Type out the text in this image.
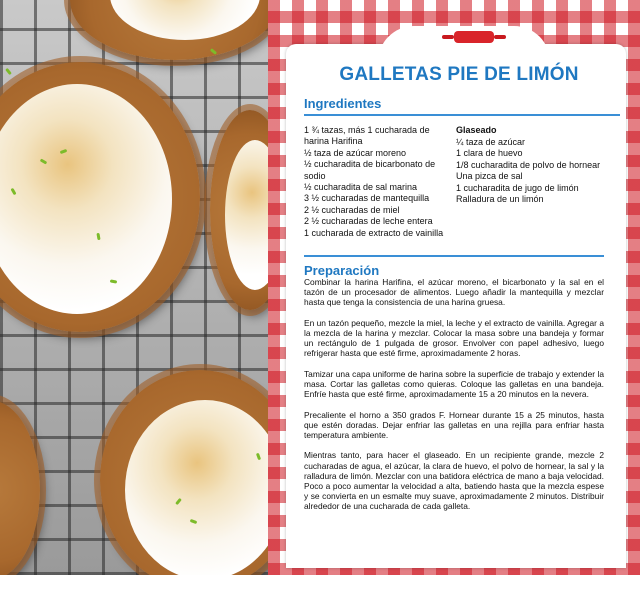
GALLETAS PIE DE LIMÓN
Ingredientes
1 ¾ tazas, más 1 cucharada de harina Harifina
½ taza de azúcar moreno
½ cucharadita de bicarbonato de sodio
½ cucharadita de sal marina
3 ½ cucharadas de mantequilla
2 ½ cucharadas de miel
2 ½ cucharadas de leche entera
1 cucharada de extracto de vainilla

Glaseado

¼ taza de azúcar
1 clara de huevo
1/8 cucharadita de polvo de hornear
Una pizca de sal
1 cucharadita de jugo de limón
Ralladura de un limón
Preparación

Combinar la harina Harifina, el azúcar moreno, el bicarbonato y la sal en el tazón de un procesador de alimentos. Luego añadir la mantequilla y mezclar hasta que tenga la consistencia de una harina gruesa.

En un tazón pequeño, mezcle la miel, la leche y el extracto de vainilla. Agregar a la mezcla de la harina y mezclar. Colocar la masa sobre una bandeja y formar un rectángulo de 1 pulgada de grosor. Envolver con papel adhesivo, luego refrigerar hasta que esté firme, aproximadamente 2 horas.

Tamizar una capa uniforme de harina sobre la superficie de trabajo y extender la masa. Cortar las galletas como quieras. Coloque las galletas en una bandeja. Enfríe hasta que esté firme, aproximadamente 15 a 20 minutos en la nevera.

Precaliente el horno a 350 grados F. Hornear durante 15 a 25 minutos, hasta que estén doradas. Dejar enfriar las galletas en una rejilla para enfriar hasta temperatura ambiente.

Mientras tanto, para hacer el glaseado. En un recipiente grande, mezcle 2 cucharadas de agua, el azúcar, la clara de huevo, el polvo de hornear, la sal y la ralladura de limón. Mezclar con una batidora eléctrica de mano a baja velocidad. Poco a poco aumentar la velocidad a alta, batiendo hasta que la mezcla espese y se convierta en un esmalte muy suave, aproximadamente 2 minutos. Distribuir alrededor de una cucharada de cada galleta.
